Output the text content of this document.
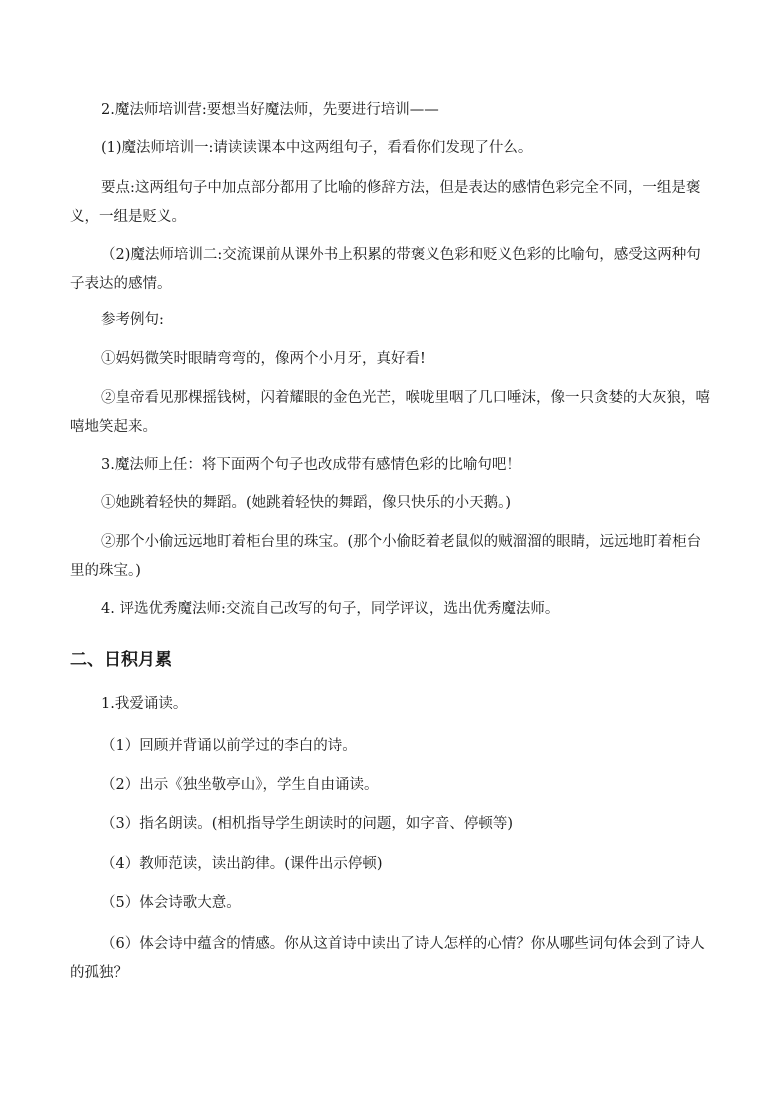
2.魔法师培训营:要想当好魔法师，先要进行培训——

(1)魔法师培训一:请读读课本中这两组句子，看看你们发现了什么。

要点:这两组句子中加点部分都用了比喻的修辞方法，但是表达的感情色彩完全不同，一组是褒义，一组是贬义。

（2)魔法师培训二:交流课前从课外书上积累的带褒义色彩和贬义色彩的比喻句，感受这两种句子表达的感情。

参考例句:

①妈妈微笑时眼睛弯弯的，像两个小月牙，真好看!

②皇帝看见那棵摇钱树，闪着耀眼的金色光芒，喉咙里咽了几口唾沫，像一只贪婪的大灰狼，嘻嘻地笑起来。

3.魔法师上任：将下面两个句子也改成带有感情色彩的比喻句吧！

①她跳着轻快的舞蹈。(她跳着轻快的舞蹈，像只快乐的小天鹅。)

②那个小偷远远地盯着柜台里的珠宝。(那个小偷眨着老鼠似的贼溜溜的眼睛，远远地盯着柜台里的珠宝。)

4. 评选优秀魔法师:交流自己改写的句子，同学评议，选出优秀魔法师。

二、日积月累

1.我爱诵读。

（1）回顾并背诵以前学过的李白的诗。

（2）出示《独坐敬亭山》，学生自由诵读。

（3）指名朗读。(相机指导学生朗读时的问题，如字音、停顿等)

（4）教师范读，读出韵律。(课件出示停顿)

（5）体会诗歌大意。

（6）体会诗中蕴含的情感。你从这首诗中读出了诗人怎样的心情？你从哪些词句体会到了诗人的孤独？
